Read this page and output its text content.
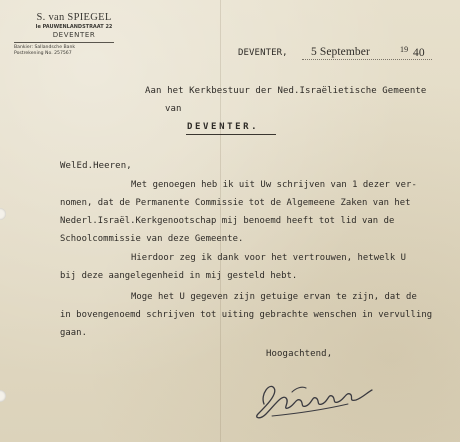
S. van SPIEGEL
Ie PAUWENLANDSTRAAT 22
DEVENTER
Bankier: Sallandsche Bank
Postrekening No. 257567	DEVENTER, 5 September	19 40
Aan het Kerkbestuur der Ned.Israëlietische Gemeente
van
DEVENTER.
WelEd.Heeren,
Met genoegen heb ik uit Uw schrijven van 1 dezer ver-
nomen, dat de Permanente Commissie tot de Algemeene Zaken van het
Nederl.Israël.Kerkgenootschap mij benoemd heeft tot lid van de
Schoolcommissie van deze Gemeente.
Hierdoor zeg ik dank voor het vertrouwen, hetwelk U
bij deze aangelegenheid in mij gesteld hebt.
Moge het U gegeven zijn getuige ervan te zijn, dat de
in bovengenoemd schrijven tot uiting gebrachte wenschen in vervulling
gaan.
Hoogachtend,
